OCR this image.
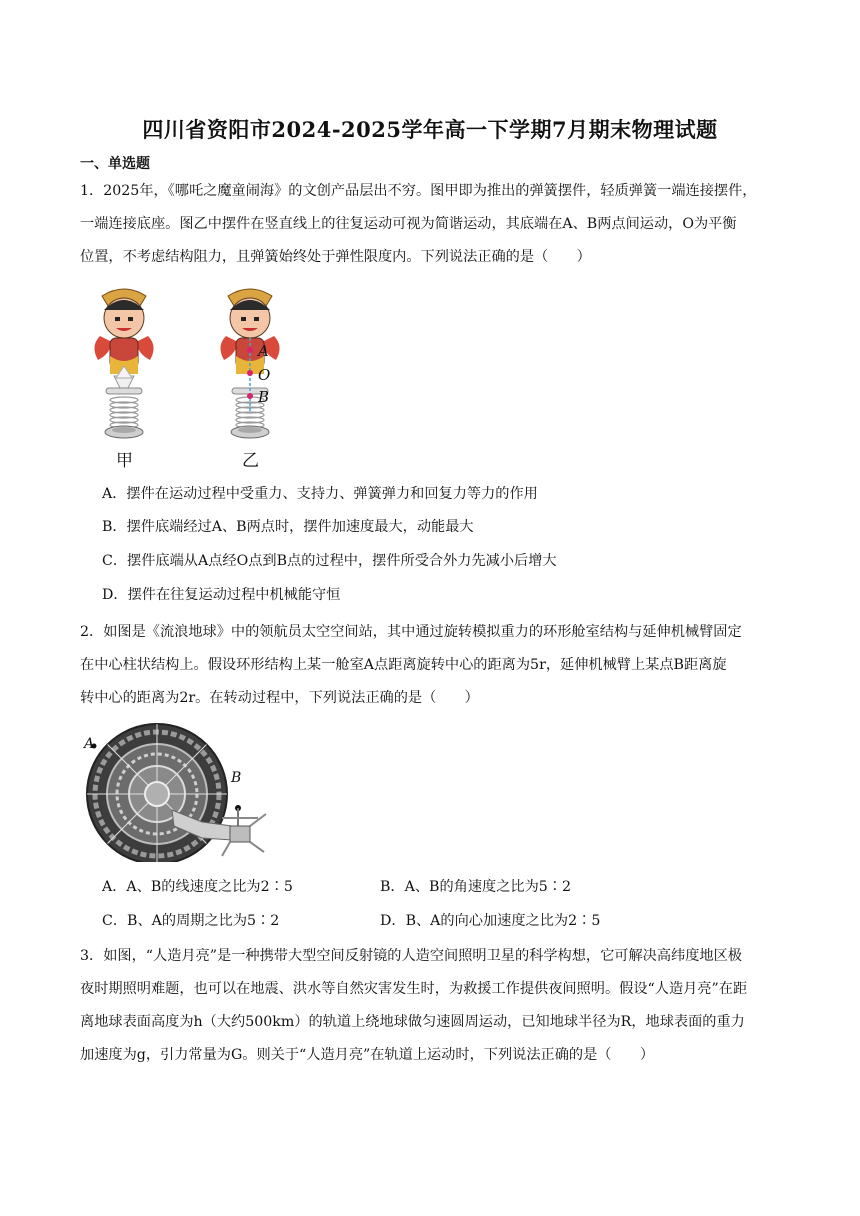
四川省资阳市2024-2025学年高一下学期7月期末物理试题
一、单选题
1．2025年，《哪吒之魔童闹海》的文创产品层出不穷。图甲即为推出的弹簧摆件，轻质弹簧一端连接摆件，
一端连接底座。图乙中摆件在竖直线上的往复运动可视为简谐运动，其底端在A、B两点间运动，O为平衡
位置，不考虑结构阻力，且弹簧始终处于弹性限度内。下列说法正确的是（　　）
A
O
B
甲	乙
A．摆件在运动过程中受重力、支持力、弹簧弹力和回复力等力的作用
B．摆件底端经过A、B两点时，摆件加速度最大，动能最大
C．摆件底端从A点经O点到B点的过程中，摆件所受合外力先减小后增大
D．摆件在往复运动过程中机械能守恒
2．如图是《流浪地球》中的领航员太空空间站，其中通过旋转模拟重力的环形舱室结构与延伸机械臂固定
在中心柱状结构上。假设环形结构上某一舱室A点距离旋转中心的距离为5r，延伸机械臂上某点B距离旋
转中心的距离为2r。在转动过程中，下列说法正确的是（　　）
A
B
A．A、B的线速度之比为2∶5	B．A、B的角速度之比为5∶2
C．B、A的周期之比为5∶2	D．B、A的向心加速度之比为2∶5
3．如图，“人造月亮”是一种携带大型空间反射镜的人造空间照明卫星的科学构想，它可解决高纬度地区极
夜时期照明难题，也可以在地震、洪水等自然灾害发生时，为救援工作提供夜间照明。假设“人造月亮”在距
离地球表面高度为h（大约500km）的轨道上绕地球做匀速圆周运动，已知地球半径为R，地球表面的重力
加速度为g，引力常量为G。则关于“人造月亮”在轨道上运动时，下列说法正确的是（　　）
